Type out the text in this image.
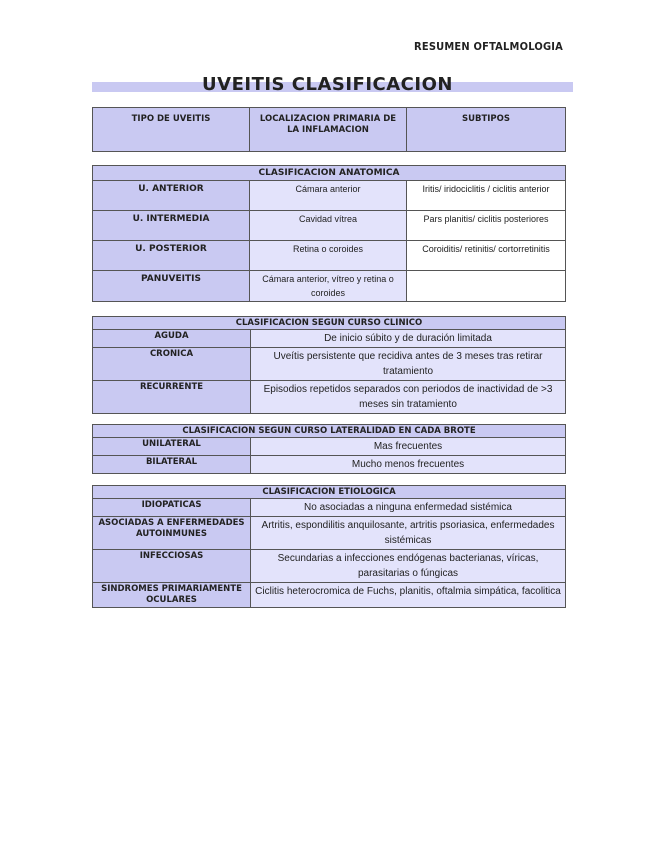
RESUMEN OFTALMOLOGIA
UVEITIS CLASIFICACION
TIPO DE UVEITIS	LOCALIZACION PRIMARIA DE LA INFLAMACION	SUBTIPOS
CLASIFICACION ANATOMICA		
U. ANTERIOR	Cámara anterior	Iritis/ iridociclitis / ciclitis anterior
U. INTERMEDIA	Cavidad vítrea	Pars planitis/ ciclitis posteriores
U. POSTERIOR	Retina o coroides	Coroiditis/ retinitis/ cortorretinitis
PANUVEITIS	Cámara anterior, vítreo y retina o coroides	
CLASIFICACION SEGUN CURSO CLINICO	
AGUDA	De inicio súbito y de duración limitada
CRONICA	Uveítis persistente que recidiva antes de 3 meses tras retirar tratamiento
RECURRENTE	Episodios repetidos separados con periodos de inactividad de >3 meses sin tratamiento
CLASIFICACION SEGUN CURSO LATERALIDAD EN CADA BROTE	
UNILATERAL	Mas frecuentes
BILATERAL	Mucho menos frecuentes
CLASIFICACION ETIOLOGICA	
IDIOPATICAS	No asociadas a ninguna enfermedad sistémica
ASOCIADAS A ENFERMEDADES AUTOINMUNES	Artritis, espondilitis anquilosante, artritis psoriasica, enfermedades sistémicas
INFECCIOSAS	Secundarias a infecciones endógenas bacterianas, víricas, parasitarias o fúngicas
SINDROMES PRIMARIAMENTE OCULARES	Ciclitis heterocromica de Fuchs, planitis, oftalmia simpática, facolitica
